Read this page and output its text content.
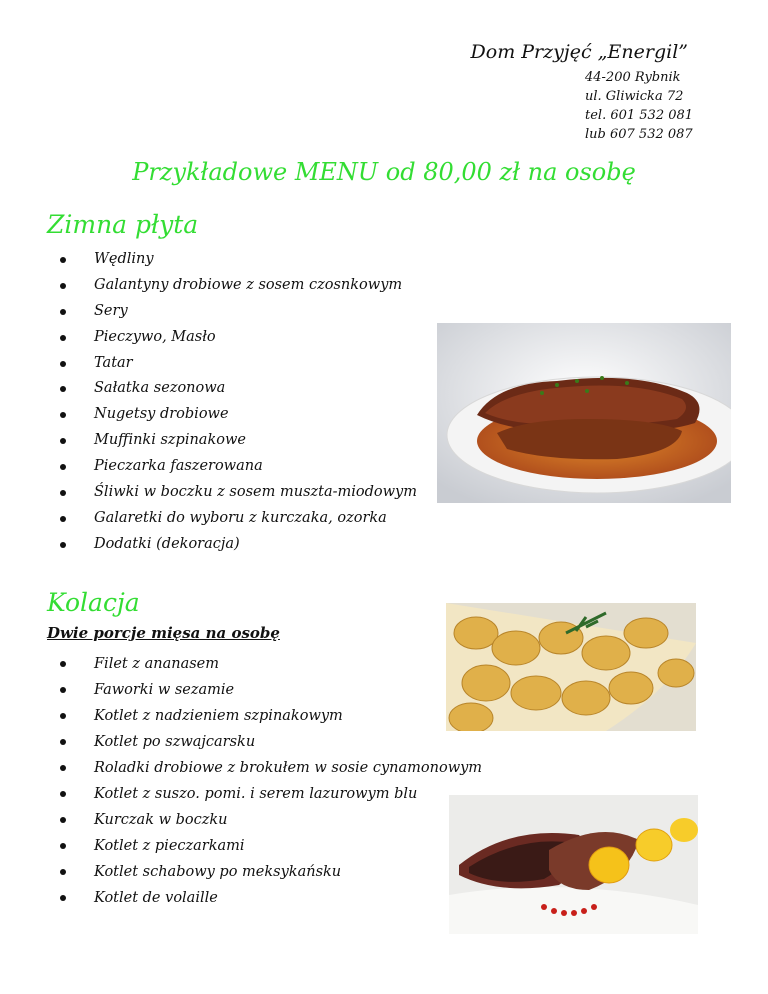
Dom Przyjęć „Energil”
44-200 Rybnik
ul. Gliwicka 72
tel. 601 532 081
lub 607 532 087
Przykładowe MENU od 80,00 zł na osobę
Zimna płyta
Wędliny
Galantyny drobiowe z sosem czosnkowym
Sery
Pieczywo, Masło
Tatar
Sałatka sezonowa
Nugetsy drobiowe
Muffinki szpinakowe
Pieczarka faszerowana
Śliwki w boczku z sosem muszta-miodowym
Galaretki do wyboru z kurczaka, ozorka
Dodatki (dekoracja)
Kolacja
Dwie porcje mięsa na osobę
Filet z ananasem
Faworki w sezamie
Kotlet z nadzieniem szpinakowym
Kotlet po szwajcarsku
Roladki drobiowe z brokułem w sosie cynamonowym
Kotlet z suszo. pomi. i serem lazurowym blu
Kurczak w boczku
Kotlet z pieczarkami
Kotlet schabowy po meksykańsku
Kotlet de volaille
